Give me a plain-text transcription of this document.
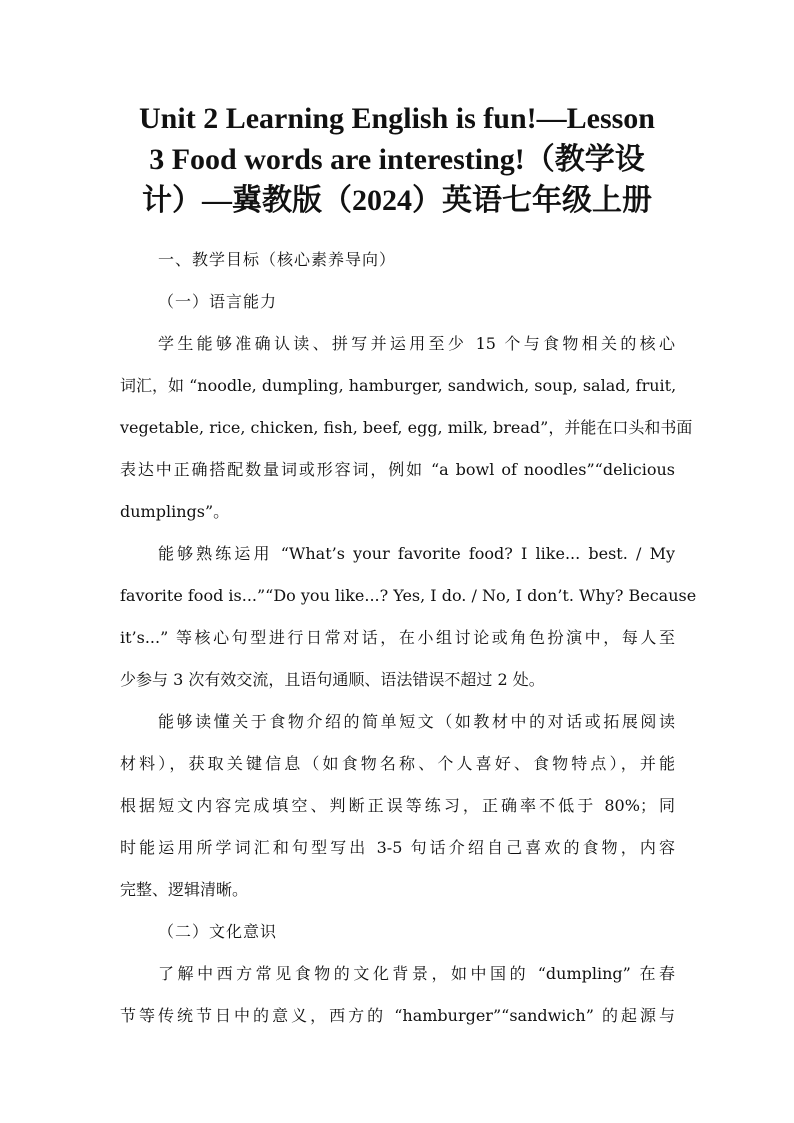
Unit 2 Learning English is fun!—Lesson
3 Food words are interesting!（教学设
计）—冀教版（2024）英语七年级上册
一、教学目标（核心素养导向）
（一）语言能力
学生能够准确认读、拼写并运用至少 15 个与食物相关的核心
词汇，如 “noodle, dumpling, hamburger, sandwich, soup, salad, fruit,
vegetable, rice, chicken, fish, beef, egg, milk, bread”，并能在口头和书面
表达中正确搭配数量词或形容词，例如 “a bowl of noodles”“delicious
dumplings”。
能够熟练运用 “What’s your favorite food? I like... best. / My
favorite food is...”“Do you like...? Yes, I do. / No, I don’t. Why? Because
it’s...” 等核心句型进行日常对话，在小组讨论或角色扮演中，每人至
少参与 3 次有效交流，且语句通顺、语法错误不超过 2 处。
能够读懂关于食物介绍的简单短文（如教材中的对话或拓展阅读
材料），获取关键信息（如食物名称、个人喜好、食物特点），并能
根据短文内容完成填空、判断正误等练习，正确率不低于 80%；同
时能运用所学词汇和句型写出 3-5 句话介绍自己喜欢的食物，内容
完整、逻辑清晰。
（二）文化意识
了解中西方常见食物的文化背景，如中国的 “dumpling” 在春
节等传统节日中的意义，西方的 “hamburger”“sandwich” 的起源与
